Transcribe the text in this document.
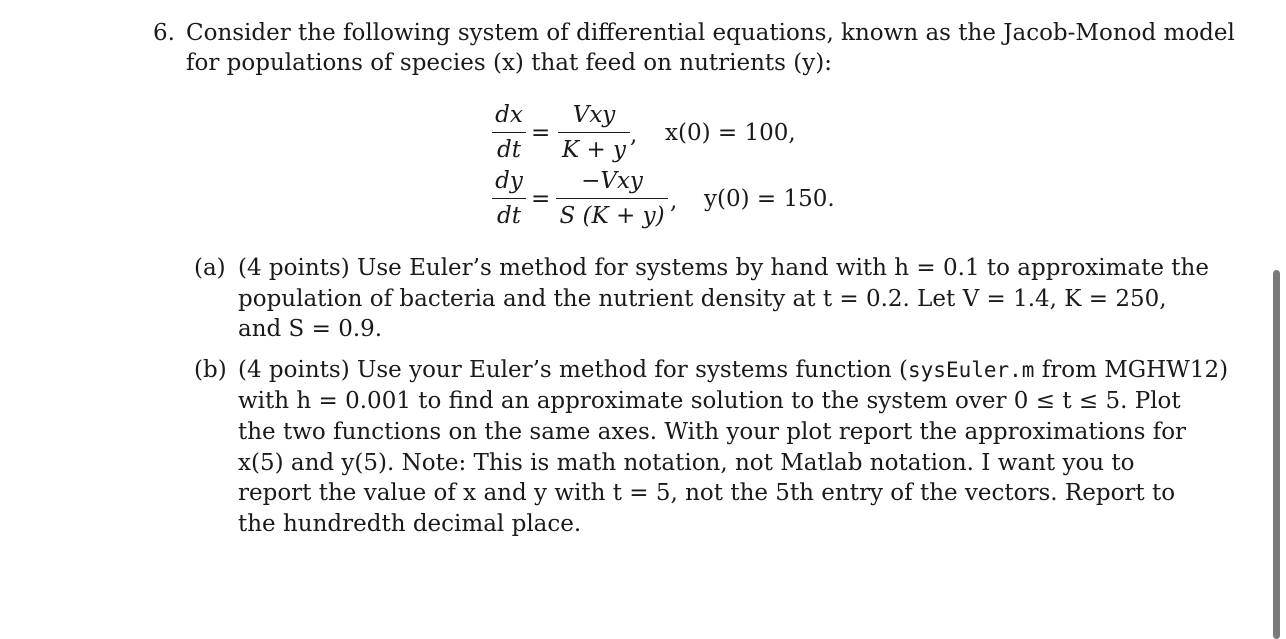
6. Consider the following system of differential equations, known as the Jacob-Monod model
for populations of species (x) that feed on nutrients (y):
dx
dt
=
Vxy
K + y
, x(0) = 100,
dy
dt
=
−Vxy
S (K + y)
, y(0) = 150.
(a) (4 points) Use Euler’s method for systems by hand with h = 0.1 to approximate the
population of bacteria and the nutrient density at t = 0.2. Let V = 1.4, K = 250,
and S = 0.9.
(b) (4 points) Use your Euler’s method for systems function (sysEuler.m from MGHW12)
with h = 0.001 to find an approximate solution to the system over 0 ≤ t ≤ 5. Plot
the two functions on the same axes. With your plot report the approximations for
x(5) and y(5). Note: This is math notation, not Matlab notation. I want you to
report the value of x and y with t = 5, not the 5th entry of the vectors. Report to
the hundredth decimal place.
